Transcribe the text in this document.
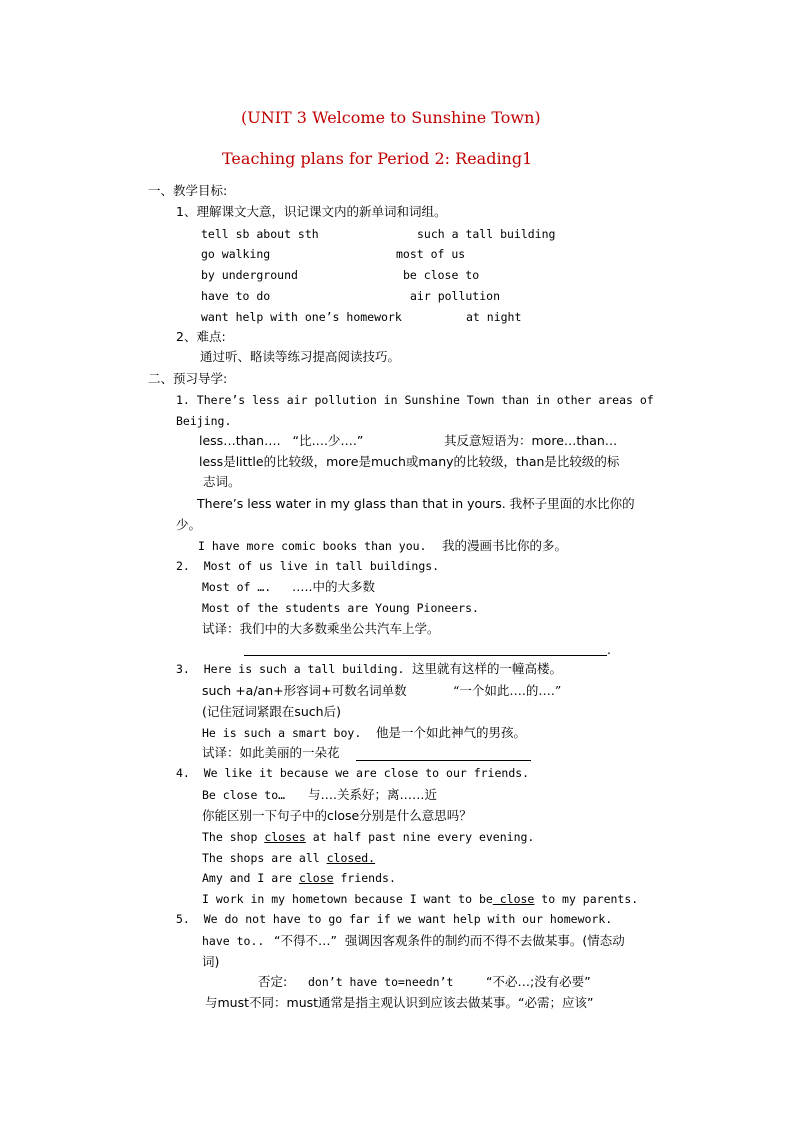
(UNIT 3 Welcome to Sunshine Town)
Teaching plans for Period 2: Reading1
一、教学目标:
1、理解课文大意，识记课文内的新单词和词组。
tell sb about sth	such a tall building
go walking	most of us
by underground	be close to
have to do	air pollution
want help with one’s homework	at night
2、难点:
通过听、略读等练习提高阅读技巧。
二、预习导学:
1. There’s less air pollution in Sunshine Town than in other areas of
Beijing.
less…than….   “比….少….”	其反意短语为：more…than…
less是little的比较级，more是much或many的比较级，than是比较级的标
志词。
There’s less water in my glass than that in yours. 我杯子里面的水比你的
少。
I have more comic books than you. 我的漫画书比你的多。
2.  Most of us live in tall buildings.
Most of …. …..中的大多数
Most of the students are Young Pioneers.
试译：我们中的大多数乘坐公共汽车上学。
.
3.  Here is such a tall building. 这里就有这样的一幢高楼。
such +a/an+形容词+可数名词单数	“一个如此….的….”
(记住冠词紧跟在such后)
He is such a smart boy. 他是一个如此神气的男孩。
试译：如此美丽的一朵花
4.  We like it because we are close to our friends.
Be close to… 与….关系好；离……近
你能区别一下句子中的close分别是什么意思吗？
The shop closes at half past nine every evening.
The shops are all closed.
Amy and I are close friends.
I work in my hometown because I want to be close to my parents.
5.  We do not have to go far if we want help with our homework.
have to.. “不得不…”  强调因客观条件的制约而不得不去做某事。(情态动
词)
否定: don’t have to=needn’t	“不必…;没有必要”
与must不同：must通常是指主观认识到应该去做某事。“必需；应该”
